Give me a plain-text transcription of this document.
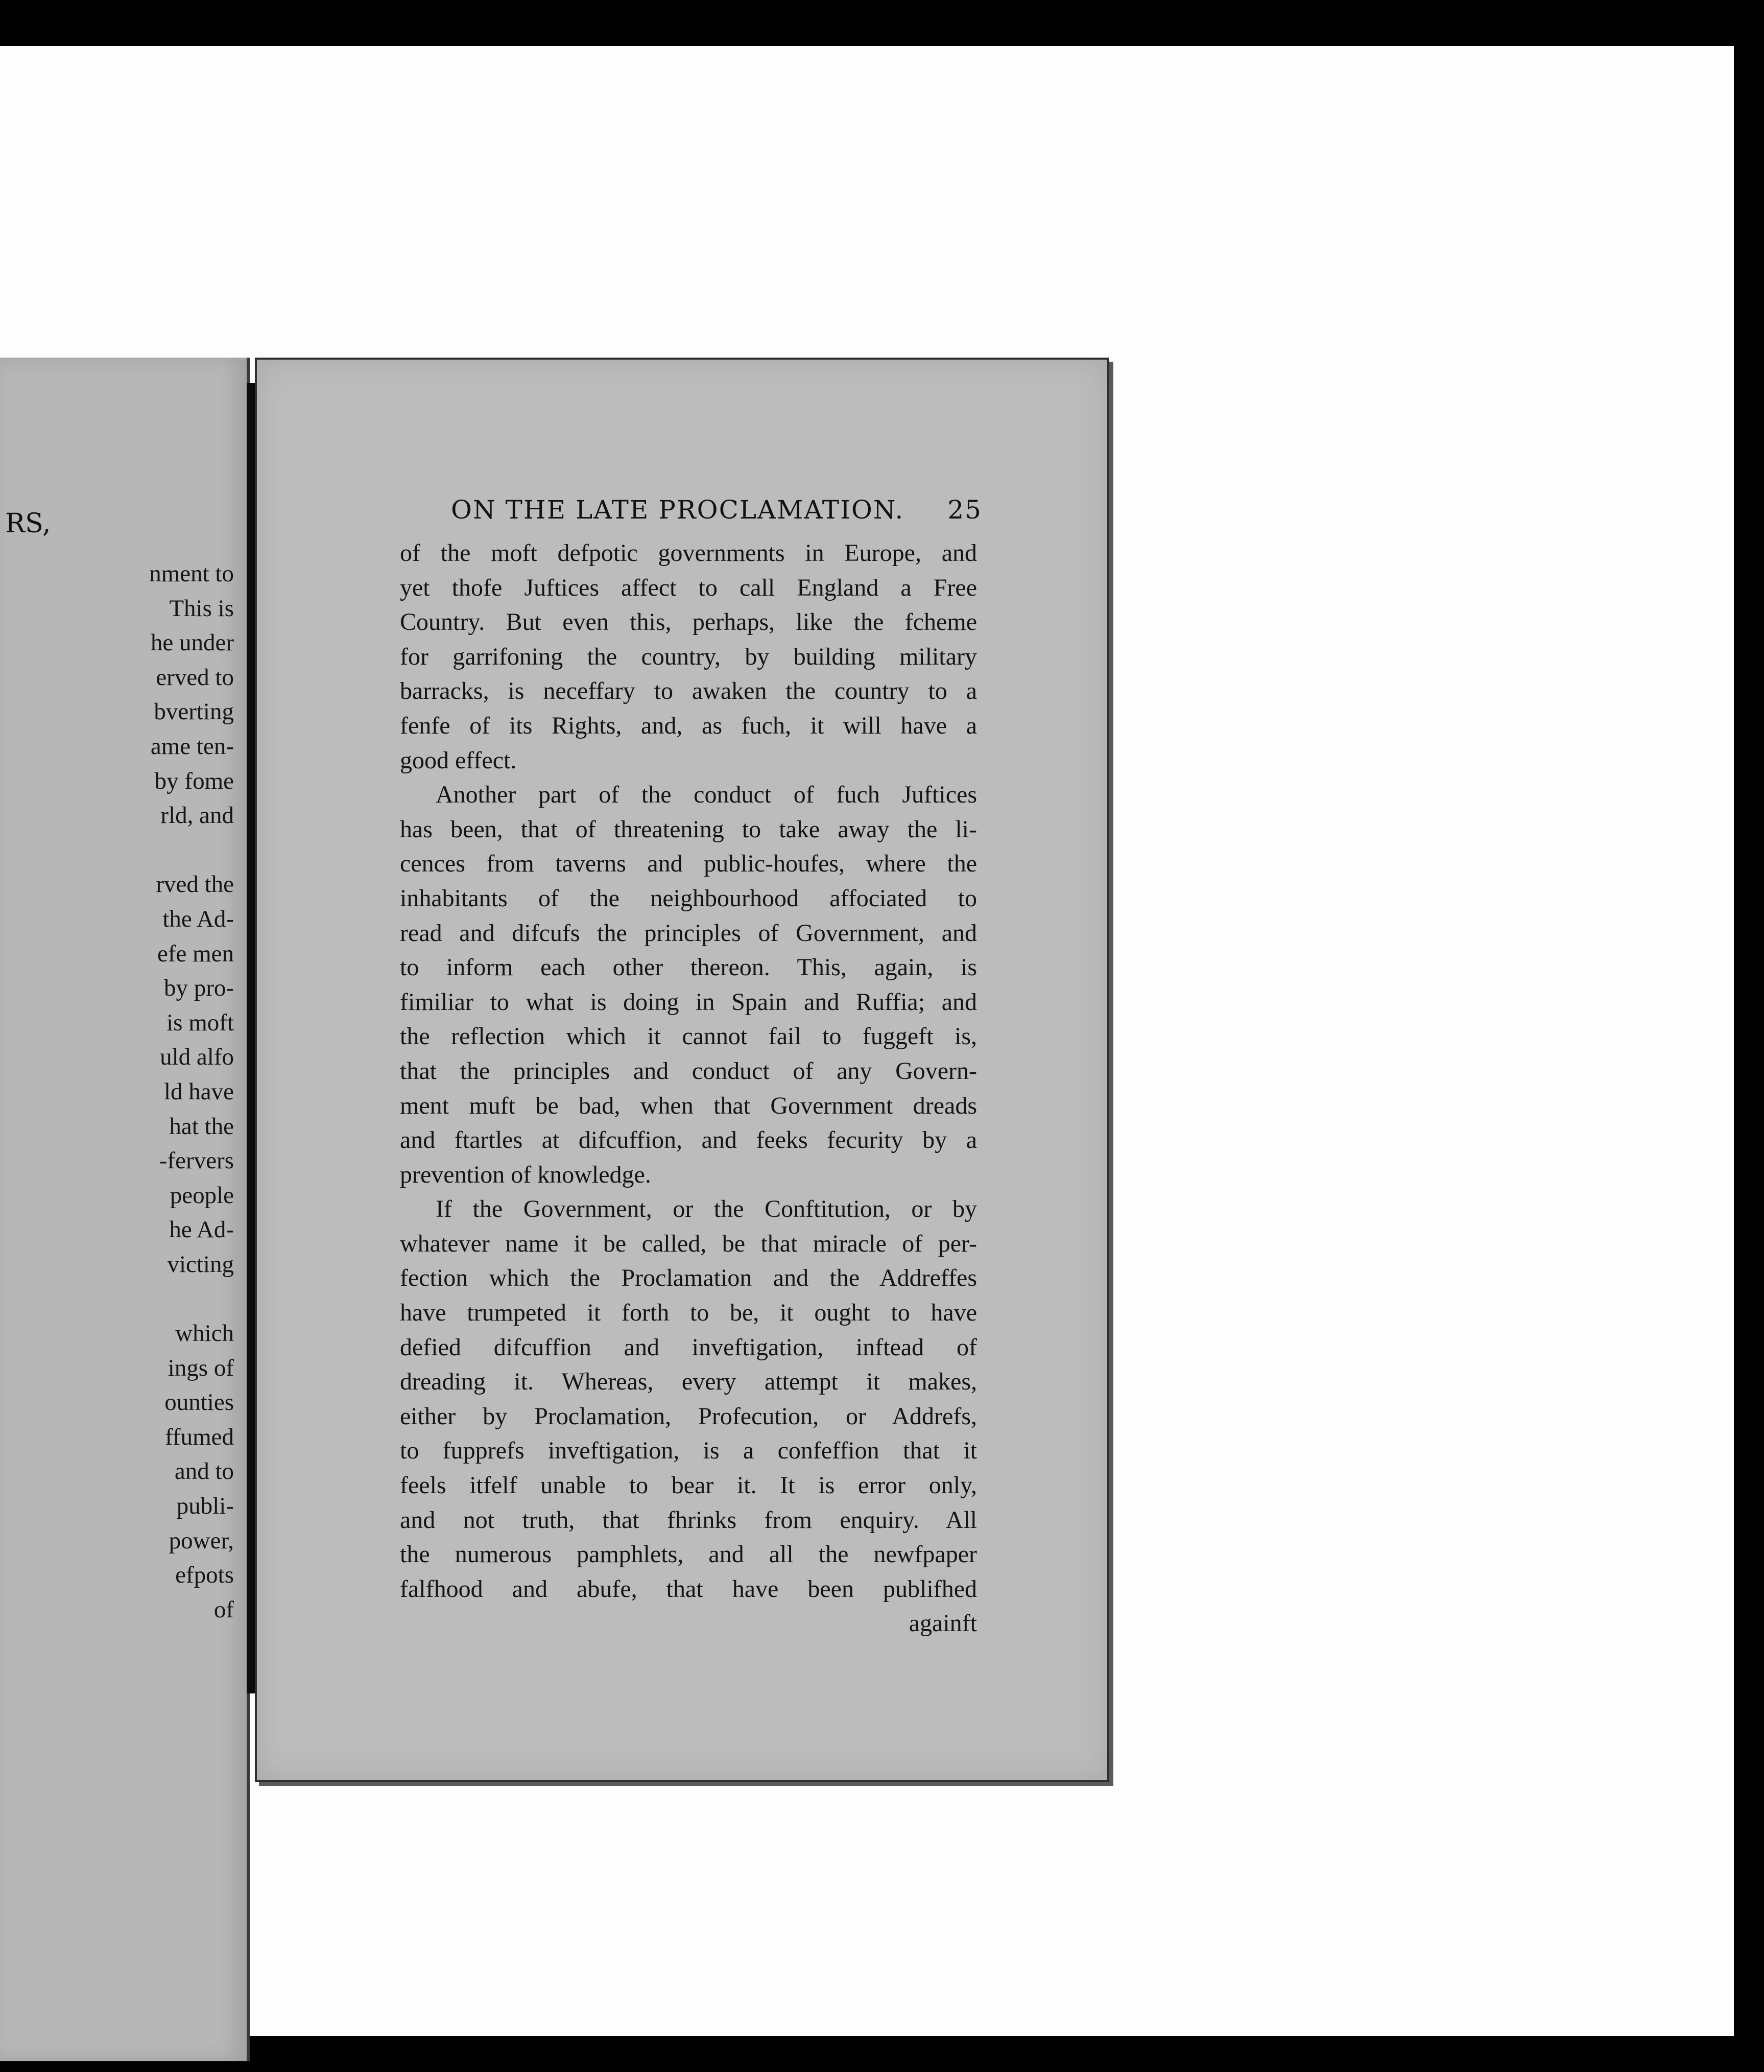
RS,
nment to
This is
he under
erved to
bverting
ame ten-
by fome
rld, and

rved the
the Ad-
efe men
by pro-
is moft
uld alfo
ld have
hat the
-fervers
people
he Ad-
victing

which
ings of
ounties
ffumed
and to
publi-
power,
efpots
of
ON THE LATE PROCLAMATION. 25
of the moft defpotic governments in Europe, and
yet thofe Juftices affect to call England a Free
Country. But even this, perhaps, like the fcheme
for garrifoning the country, by building military
barracks, is neceffary to awaken the country to a
fenfe of its Rights, and, as fuch, it will have a
good effect.
Another part of the conduct of fuch Juftices
has been, that of threatening to take away the li-
cences from taverns and public-houfes, where the
inhabitants of the neighbourhood affociated to
read and difcufs the principles of Government, and
to inform each other thereon. This, again, is
fimiliar to what is doing in Spain and Ruffia; and
the reflection which it cannot fail to fuggeft is,
that the principles and conduct of any Govern-
ment muft be bad, when that Government dreads
and ftartles at difcuffion, and feeks fecurity by a
prevention of knowledge.
If the Government, or the Conftitution, or by
whatever name it be called, be that miracle of per-
fection which the Proclamation and the Addreffes
have trumpeted it forth to be, it ought to have
defied difcuffion and inveftigation, inftead of
dreading it. Whereas, every attempt it makes,
either by Proclamation, Profecution, or Addrefs,
to fupprefs inveftigation, is a confeffion that it
feels itfelf unable to bear it. It is error only,
and not truth, that fhrinks from enquiry. All
the numerous pamphlets, and all the newfpaper
falfhood and abufe, that have been publifhed
againft
